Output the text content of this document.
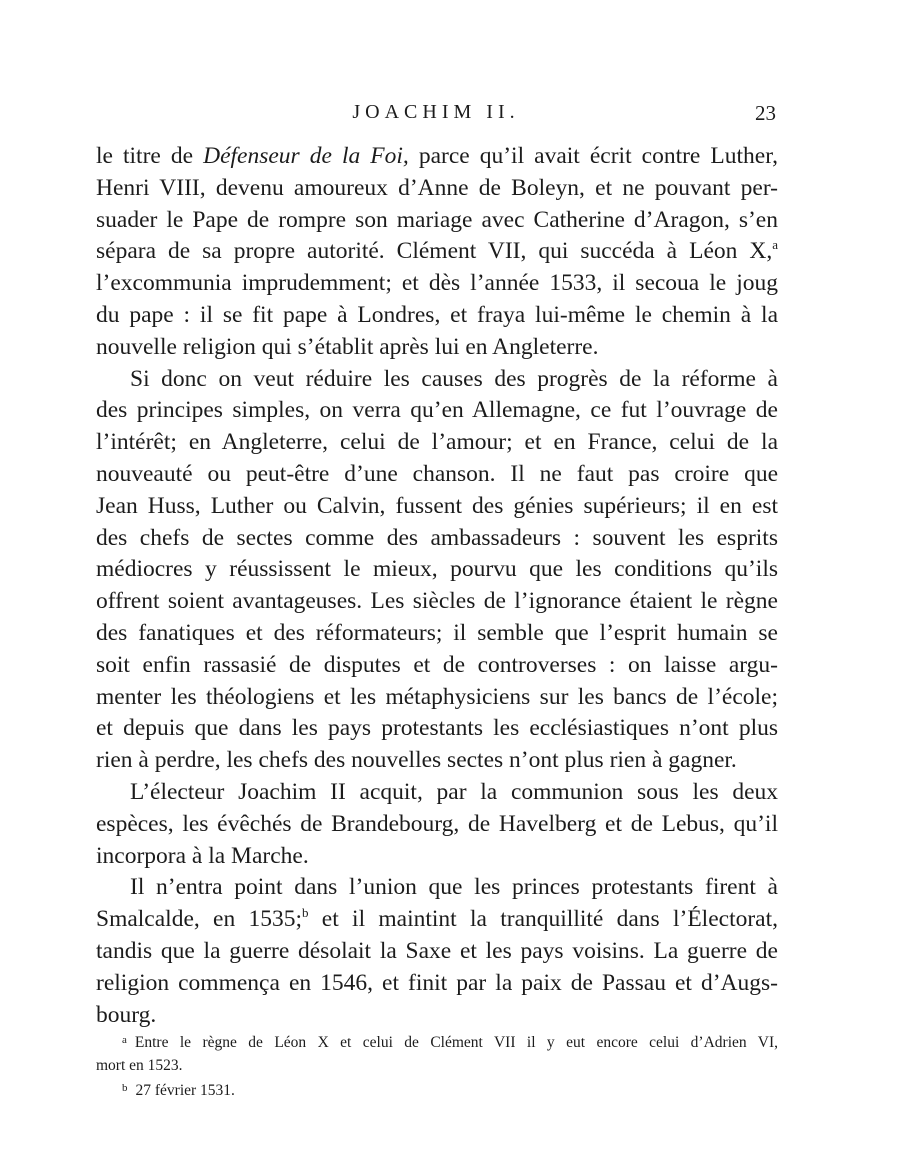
JOACHIM II.	23

le titre de Défenseur de la Foi, parce qu’il avait écrit contre Luther,

Henri VIII, devenu amoureux d’Anne de Boleyn, et ne pouvant per-

suader le Pape de rompre son mariage avec Catherine d’Aragon, s’en

sépara de sa propre autorité. Clément VII, qui succéda à Léon X,$^a$

l’excommunia imprudemment; et dès l’année 1533, il secoua le joug

du pape : il se fit pape à Londres, et fraya lui-même le chemin à la

nouvelle religion qui s’établit après lui en Angleterre.

Si donc on veut réduire les causes des progrès de la réforme à

des principes simples, on verra qu’en Allemagne, ce fut l’ouvrage de

l’intérêt; en Angleterre, celui de l’amour; et en France, celui de la

nouveauté ou peut-être d’une chanson. Il ne faut pas croire que

Jean Huss, Luther ou Calvin, fussent des génies supérieurs; il en est

des chefs de sectes comme des ambassadeurs : souvent les esprits

médiocres y réussissent le mieux, pourvu que les conditions qu’ils

offrent soient avantageuses. Les siècles de l’ignorance étaient le règne

des fanatiques et des réformateurs; il semble que l’esprit humain se

soit enfin rassasié de disputes et de controverses : on laisse argu-

menter les théologiens et les métaphysiciens sur les bancs de l’école;

et depuis que dans les pays protestants les ecclésiastiques n’ont plus

rien à perdre, les chefs des nouvelles sectes n’ont plus rien à gagner.

L’électeur Joachim II acquit, par la communion sous les deux

espèces, les évêchés de Brandebourg, de Havelberg et de Lebus, qu’il

incorpora à la Marche.

Il n’entra point dans l’union que les princes protestants firent à

Smalcalde, en 1535;$^b$ et il maintint la tranquillité dans l’Électorat,

tandis que la guerre désolait la Saxe et les pays voisins. La guerre de

religion commença en 1546, et finit par la paix de Passau et d’Augs-

bourg.

$^a$ Entre le règne de Léon X et celui de Clément VII il y eut encore celui d’Adrien VI,

mort en 1523.

$^b$ 27 février 1531.
